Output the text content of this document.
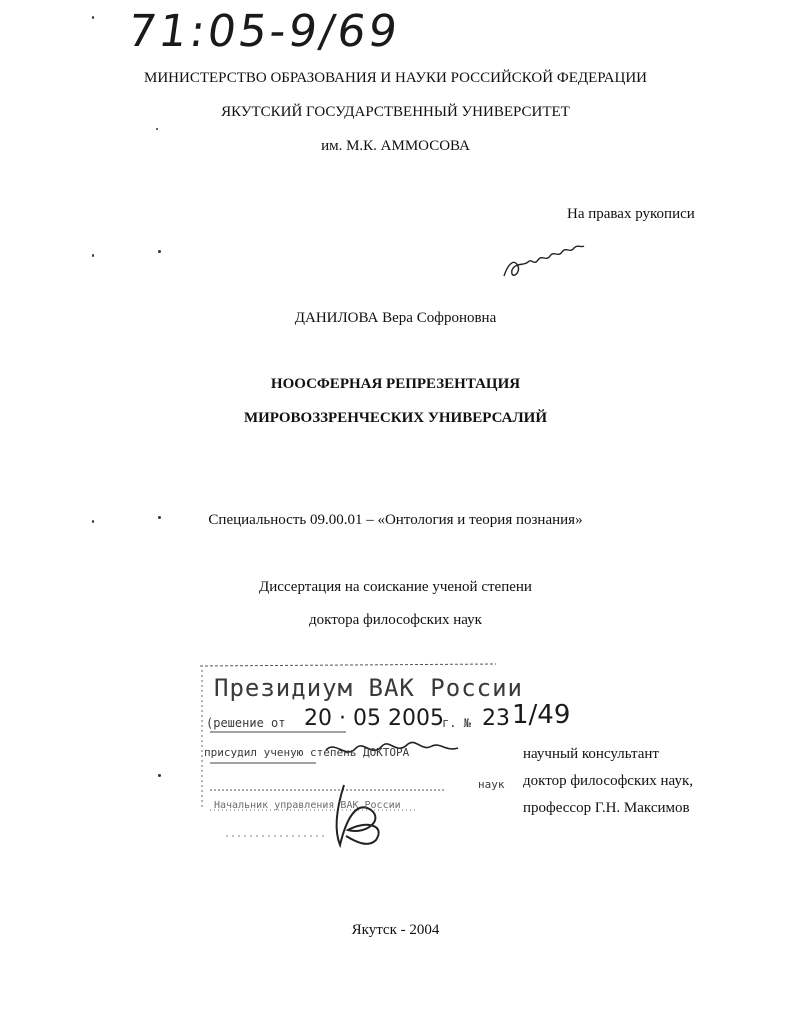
71:05-9/69
МИНИСТЕРСТВО ОБРАЗОВАНИЯ И НАУКИ РОССИЙСКОЙ ФЕДЕРАЦИИ
ЯКУТСКИЙ ГОСУДАРСТВЕННЫЙ УНИВЕРСИТЕТ
им. М.К. АММОСОВА
На правах рукописи
ДАНИЛОВА Вера Софроновна
НООСФЕРНАЯ РЕПРЕЗЕНТАЦИЯ
МИРОВОЗЗРЕНЧЕСКИХ УНИВЕРСАЛИЙ
Специальность 09.00.01 – «Онтология и теория познания»
Диссертация на соискание ученой степени
доктора философских наук
Президиум ВАК России
(решение от 20 · 05 2005
г. № 23 1/49
присудил ученую степень ДОКТОРА
наук
Начальник управления ВАК России
научный консультант
доктор философских наук,
профессор Г.Н. Максимов
Якутск - 2004
